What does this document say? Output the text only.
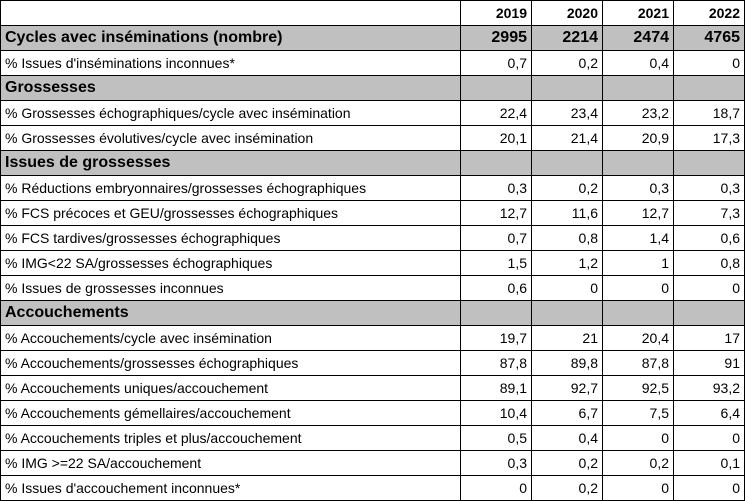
	2019	2020	2021	2022
Cycles avec inséminations (nombre)	2995	2214	2474	4765
% Issues d'inséminations inconnues*	0,7	0,2	0,4	0
Grossesses				
% Grossesses échographiques/cycle avec insémination	22,4	23,4	23,2	18,7
% Grossesses évolutives/cycle avec insémination	20,1	21,4	20,9	17,3
Issues de grossesses				
% Réductions embryonnaires/grossesses échographiques	0,3	0,2	0,3	0,3
% FCS précoces et GEU/grossesses échographiques	12,7	11,6	12,7	7,3
% FCS tardives/grossesses échographiques	0,7	0,8	1,4	0,6
% IMG<22 SA/grossesses échographiques	1,5	1,2	1	0,8
% Issues de grossesses inconnues	0,6	0	0	0
Accouchements				
% Accouchements/cycle avec insémination	19,7	21	20,4	17
% Accouchements/grossesses échographiques	87,8	89,8	87,8	91
% Accouchements uniques/accouchement	89,1	92,7	92,5	93,2
% Accouchements gémellaires/accouchement	10,4	6,7	7,5	6,4
% Accouchements triples et plus/accouchement	0,5	0,4	0	0
% IMG >=22 SA/accouchement	0,3	0,2	0,2	0,1
% Issues d'accouchement inconnues*	0	0,2	0	0
